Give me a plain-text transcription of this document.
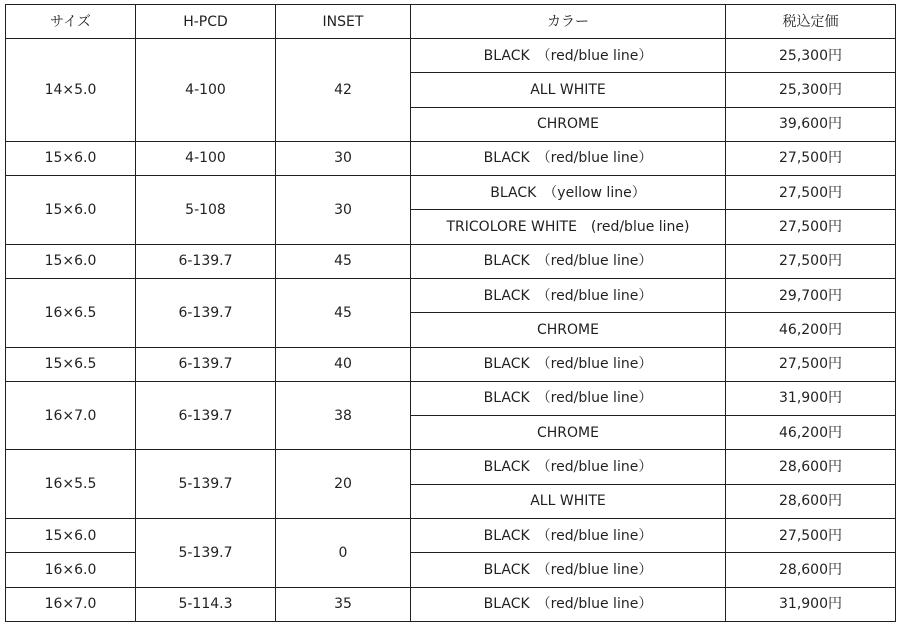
サイズ	H-PCD	INSET	カラー	税込定価
14×5.0	4-100	42	BLACK　（red/blue line）	25,300円
			ALL WHITE	25,300円
			CHROME	39,600円
15×6.0	4-100	30	BLACK　（red/blue line）	27,500円
15×6.0	5-108	30	BLACK　（yellow line）	27,500円
			TRICOLORE WHITE　(red/blue line)	27,500円
15×6.0	6-139.7	45	BLACK　（red/blue line）	27,500円
16×6.5	6-139.7	45	BLACK　（red/blue line）	29,700円
			CHROME	46,200円
15×6.5	6-139.7	40	BLACK　（red/blue line）	27,500円
16×7.0	6-139.7	38	BLACK　（red/blue line）	31,900円
			CHROME	46,200円
16×5.5	5-139.7	20	BLACK　（red/blue line）	28,600円
			ALL WHITE	28,600円
15×6.0	5-139.7	0	BLACK　（red/blue line）	27,500円
16×6.0			BLACK　（red/blue line）	28,600円
16×7.0	5-114.3	35	BLACK　（red/blue line）	31,900円
